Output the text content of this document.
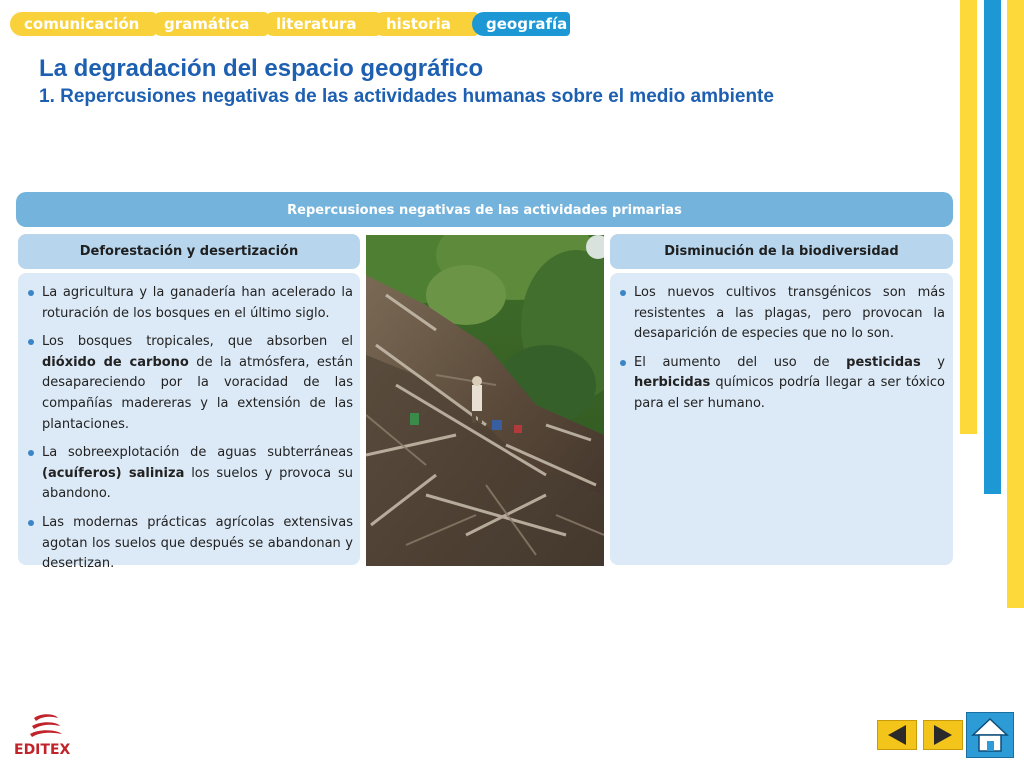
comunicación	gramática	literatura	historia	geografía
La degradación del espacio geográfico
1. Repercusiones negativas de las actividades humanas sobre el medio ambiente
Repercusiones negativas de las actividades primarias
Deforestación y desertización
La agricultura y la ganadería han acelerado la roturación de los bosques en el último siglo.
Los bosques tropicales, que absorben el dióxido de carbono de la atmósfera, están desapareciendo por la voracidad de las compañías madereras y la extensión de las plantaciones.
La sobreexplotación de aguas subterráneas (acuíferos) saliniza los suelos y provoca su abandono.
Las modernas prácticas agrícolas extensivas agotan los suelos que después se abandonan y desertizan.
Disminución de la biodiversidad
Los nuevos cultivos transgénicos son más resistentes a las plagas, pero provocan la desaparición de especies que no lo son.
El aumento del uso de pesticidas y herbicidas químicos podría llegar a ser tóxico para el ser humano.
EDITEX
